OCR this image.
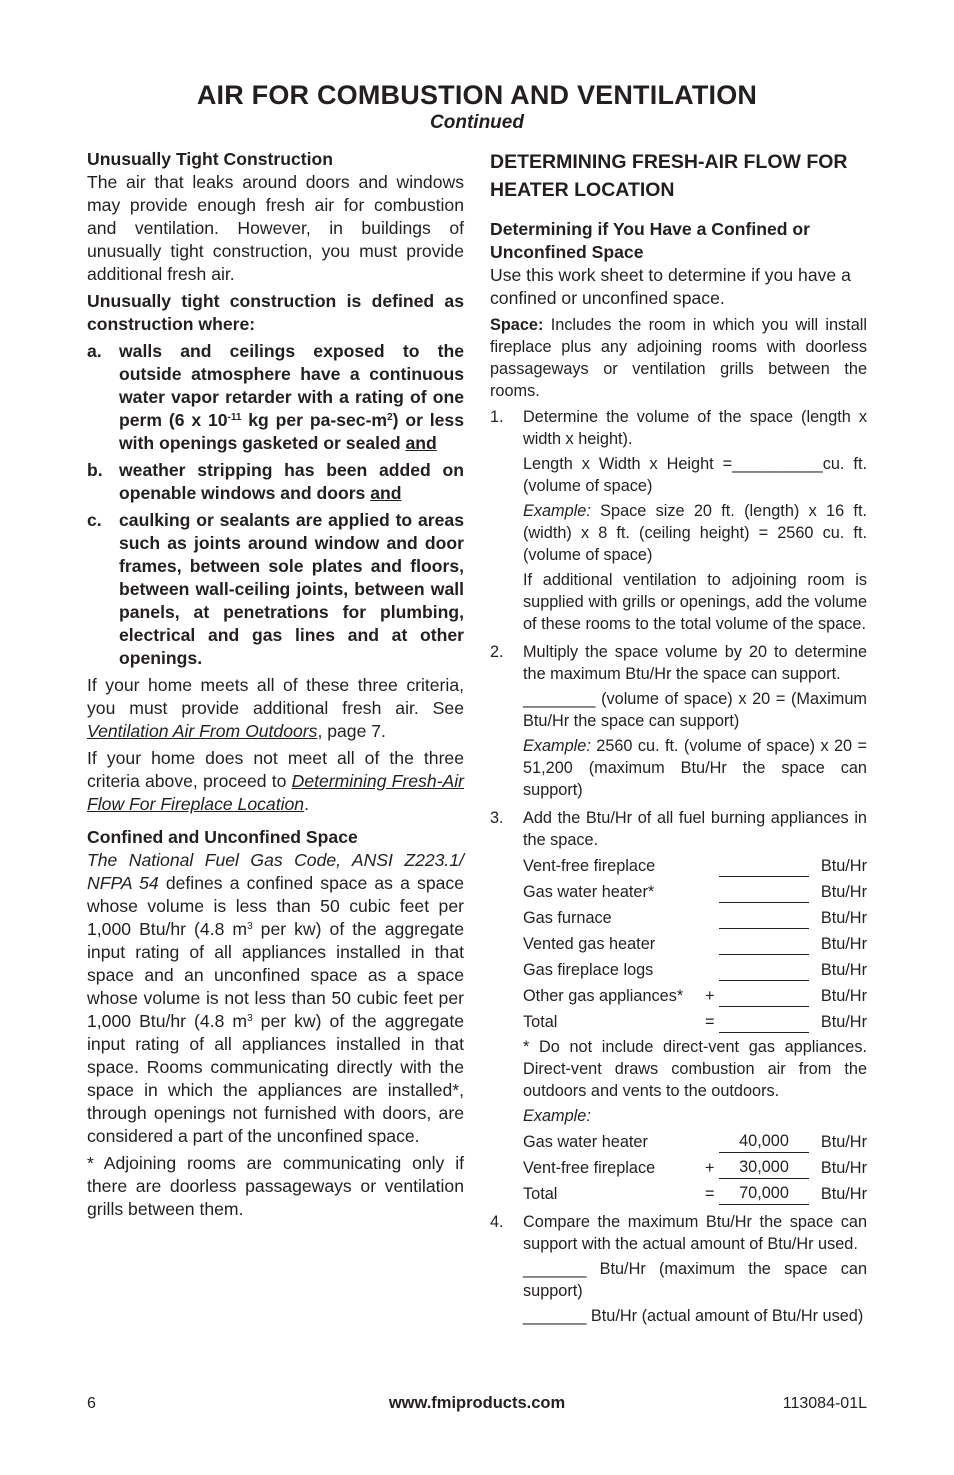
AIR FOR COMBUSTION AND VENTILATION
Continued

Unusually Tight Construction

The air that leaks around doors and windows may provide enough fresh air for combustion and ventilation. However, in buildings of unusually tight construction, you must provide additional fresh air.

Unusually tight construction is defined as construction where:

a. walls and ceilings exposed to the outside atmosphere have a continuous water vapor retarder with a rating of one perm (6 x $10^{-11}$ kg per $pa-\sec-m^2$) or less with openings gasketed or sealed and
b. weather stripping has been added on openable windows and doors and
c. caulking or sealants are applied to areas such as joints around window and door frames, between sole plates and floors, between wall-ceiling joints, between wall panels, at penetrations for plumbing, electrical and gas lines and at other openings.

If your home meets all of these three criteria, you must provide additional fresh air. See Ventilation Air From Outdoors, page 7.

If your home does not meet all of the three criteria above, proceed to Determining Fresh-Air Flow For Fireplace Location.

Confined and Unconfined Space

The National Fuel Gas Code, ANSI Z223.1/ NFPA 54 defines a confined space as a space whose volume is less than 50 cubic feet per 1,000 Btu/hr (4.8 $m^3$ per kw) of the aggregate input rating of all appliances installed in that space and an unconfined space as a space whose volume is not less than 50 cubic feet per 1,000 Btu/hr (4.8 $m^3$ per kw) of the aggregate input rating of all appliances installed in that space. Rooms communicating directly with the space in which the appliances are installed*, through openings not furnished with doors, are considered a part of the unconfined space.

* Adjoining rooms are communicating only if there are doorless passageways or ventilation grills between them.

DETERMINING FRESH-AIR FLOW FOR HEATER LOCATION

Determining if You Have a Confined or Unconfined Space

Use this work sheet to determine if you have a confined or unconfined space.

Space: Includes the room in which you will install fireplace plus any adjoining rooms with doorless passageways or ventilation grills between the rooms.

1. Determine the volume of the space (length x width x height).

Length x Width x Height =__________cu. ft. (volume of space)

Example: Space size 20 ft. (length) x 16 ft. (width) x 8 ft. (ceiling height) = 2560 cu. ft. (volume of space)

If additional ventilation to adjoining room is supplied with grills or openings, add the volume of these rooms to the total volume of the space.

2. Multiply the space volume by 20 to determine the maximum Btu/Hr the space can support.

________ (volume of space) x 20 = (Maximum Btu/Hr the space can support)

Example: 2560 cu. ft. (volume of space) x 20 = 51,200 (maximum Btu/Hr the space can support)

3. Add the Btu/Hr of all fuel burning appliances in the space.

Vent-free fireplace			Btu/Hr
Gas water heater*			Btu/Hr
Gas furnace			Btu/Hr
Vented gas heater			Btu/Hr
Gas fireplace logs			Btu/Hr
Other gas appliances*	+		Btu/Hr
Total	=		Btu/Hr

* Do not include direct-vent gas appliances. Direct-vent draws combustion air from the outdoors and vents to the outdoors.

Example:

Gas water heater		40,000	Btu/Hr
Vent-free fireplace	+	30,000	Btu/Hr
Total	=	70,000	Btu/Hr
4. Compare the maximum Btu/Hr the space can support with the actual amount of Btu/Hr used.

_______ Btu/Hr (maximum the space can support)

_______ Btu/Hr (actual amount of Btu/Hr used)

6	www.fmiproducts.com	113084-01L
